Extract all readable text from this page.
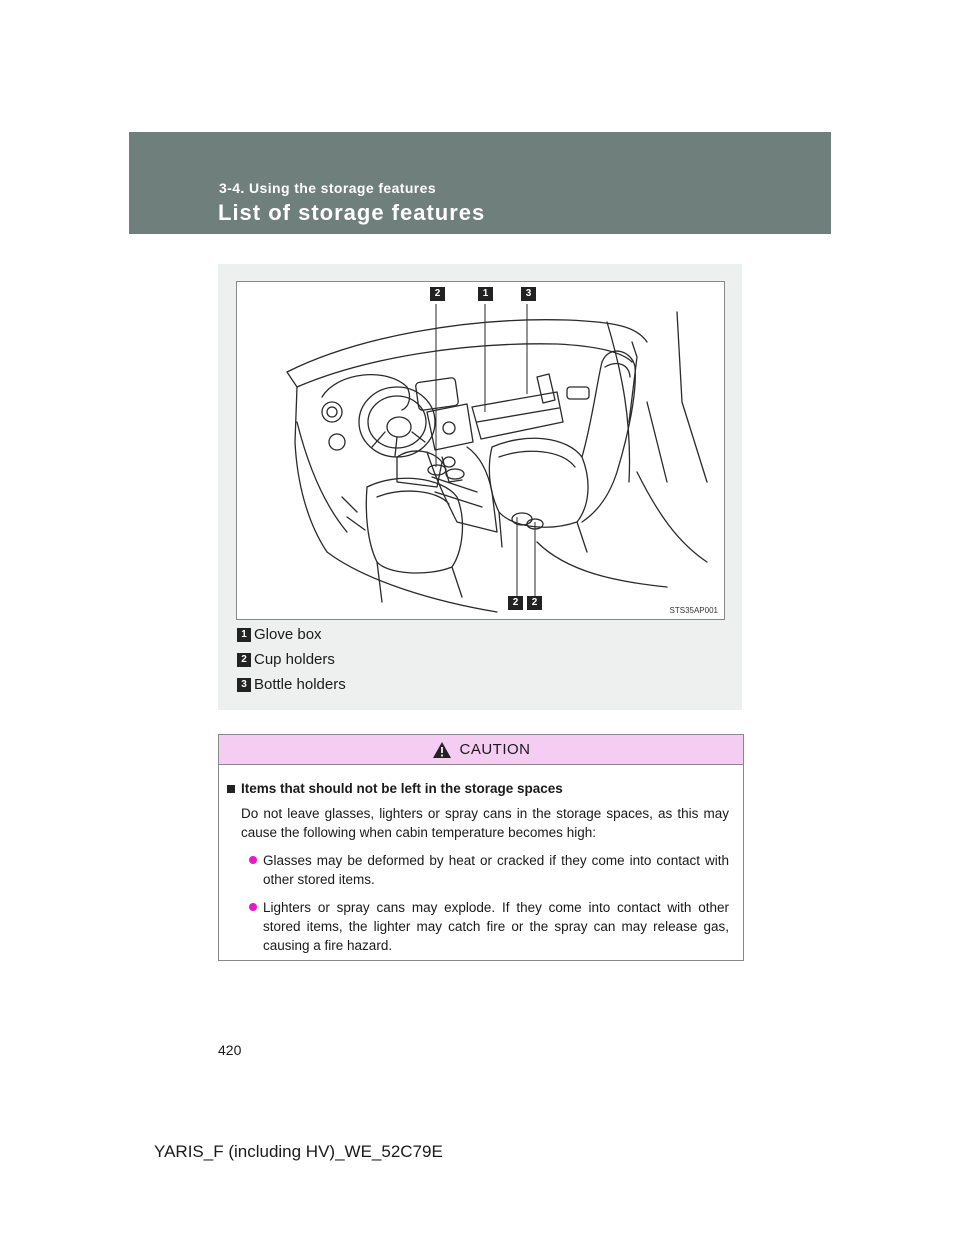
3-4. Using the storage features
List of storage features
2	1	3
2	2
STS35AP001
1 Glove box
2 Cup holders
3 Bottle holders
CAUTION
Items that should not be left in the storage spaces
Do not leave glasses, lighters or spray cans in the storage spaces, as this may cause the following when cabin temperature becomes high:
Glasses may be deformed by heat or cracked if they come into contact with other stored items.
Lighters or spray cans may explode. If they come into contact with other stored items, the lighter may catch fire or the spray can may release gas, causing a fire hazard.
420
YARIS_F (including HV)_WE_52C79E
